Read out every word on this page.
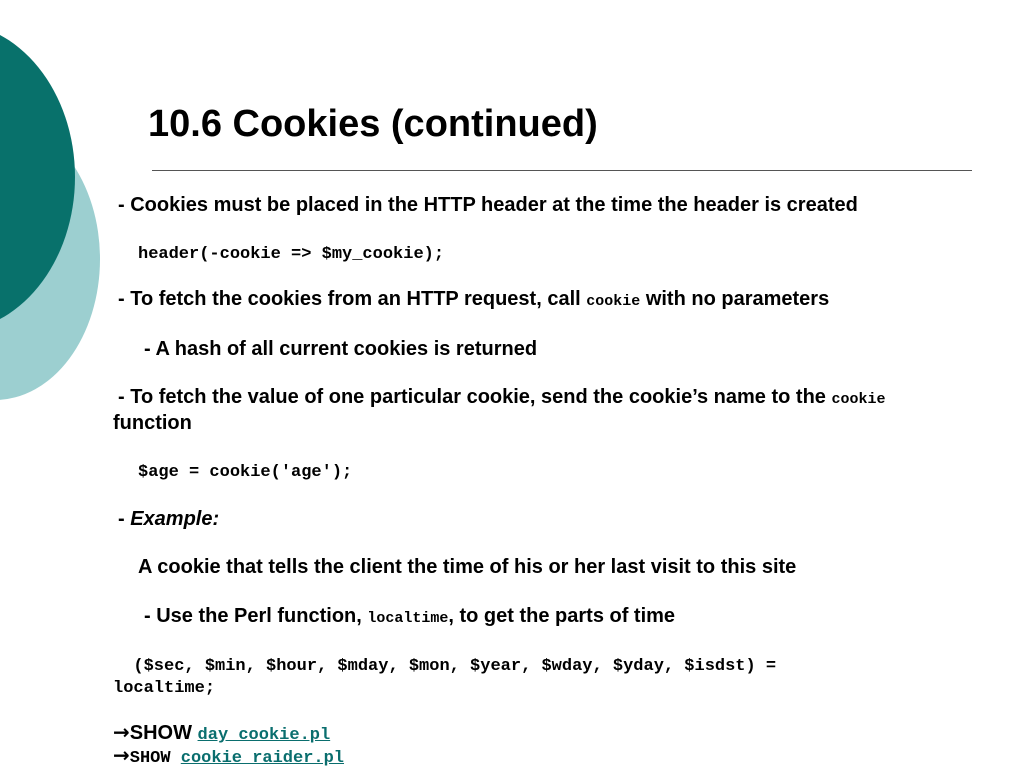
10.6 Cookies (continued)
- Cookies must be placed in the HTTP header at the time the header is created
header(-cookie => $my_cookie);
- To fetch the cookies from an HTTP request, call cookie with no parameters
- A hash of all current cookies is returned
- To fetch the value of one particular cookie, send the cookie’s name to the cookie
function
$age = cookie(′age′);
- Example:
A cookie that tells the client the time of his or her last visit to this site
- Use the Perl function, localtime, to get the parts of time
($sec, $min, $hour, $mday, $mon, $year, $wday, $yday, $isdst) =
localtime;
→SHOW day_cookie.pl
→SHOW cookie_raider.pl
